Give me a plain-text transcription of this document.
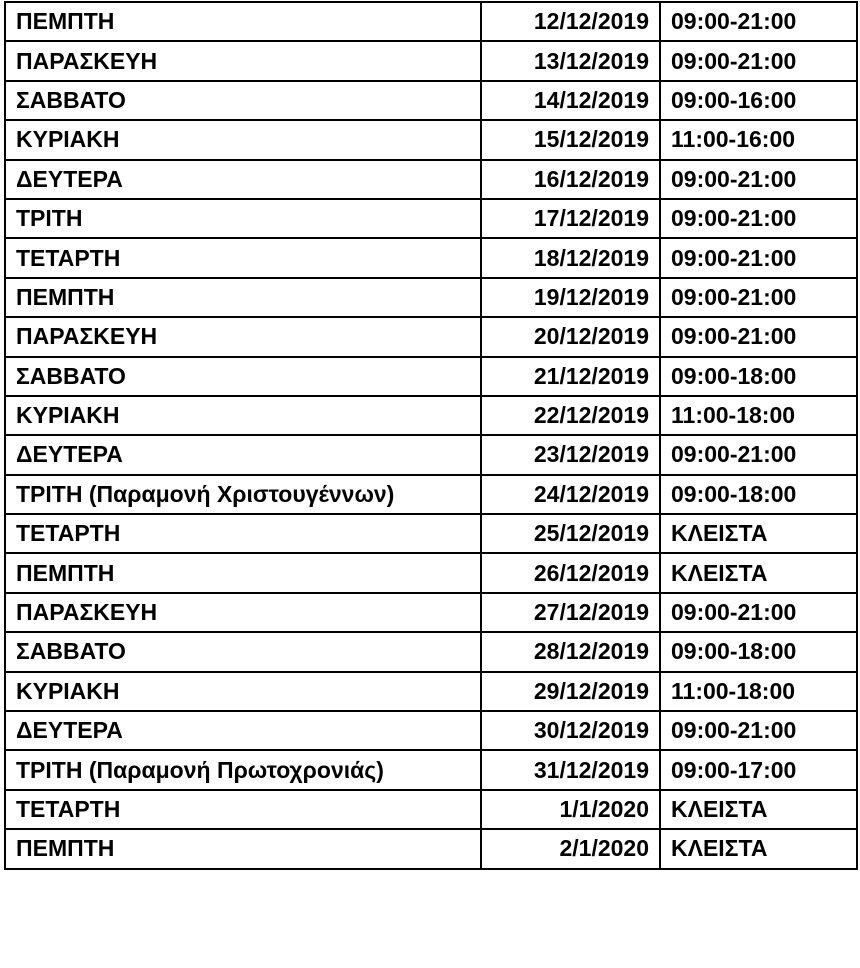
ΠΕΜΠΤΗ	12/12/2019	09:00-21:00
ΠΑΡΑΣΚΕΥΗ	13/12/2019	09:00-21:00
ΣΑΒΒΑΤΟ	14/12/2019	09:00-16:00
ΚΥΡΙΑΚΗ	15/12/2019	11:00-16:00
ΔΕΥΤΕΡΑ	16/12/2019	09:00-21:00
ΤΡΙΤΗ	17/12/2019	09:00-21:00
ΤΕΤΑΡΤΗ	18/12/2019	09:00-21:00
ΠΕΜΠΤΗ	19/12/2019	09:00-21:00
ΠΑΡΑΣΚΕΥΗ	20/12/2019	09:00-21:00
ΣΑΒΒΑΤΟ	21/12/2019	09:00-18:00
ΚΥΡΙΑΚΗ	22/12/2019	11:00-18:00
ΔΕΥΤΕΡΑ	23/12/2019	09:00-21:00
ΤΡΙΤΗ (Παραμονή Χριστουγέννων)	24/12/2019	09:00-18:00
ΤΕΤΑΡΤΗ	25/12/2019	ΚΛΕΙΣΤΑ
ΠΕΜΠΤΗ	26/12/2019	ΚΛΕΙΣΤΑ
ΠΑΡΑΣΚΕΥΗ	27/12/2019	09:00-21:00
ΣΑΒΒΑΤΟ	28/12/2019	09:00-18:00
ΚΥΡΙΑΚΗ	29/12/2019	11:00-18:00
ΔΕΥΤΕΡΑ	30/12/2019	09:00-21:00
ΤΡΙΤΗ (Παραμονή Πρωτοχρονιάς)	31/12/2019	09:00-17:00
ΤΕΤΑΡΤΗ	1/1/2020	ΚΛΕΙΣΤΑ
ΠΕΜΠΤΗ	2/1/2020	ΚΛΕΙΣΤΑ
